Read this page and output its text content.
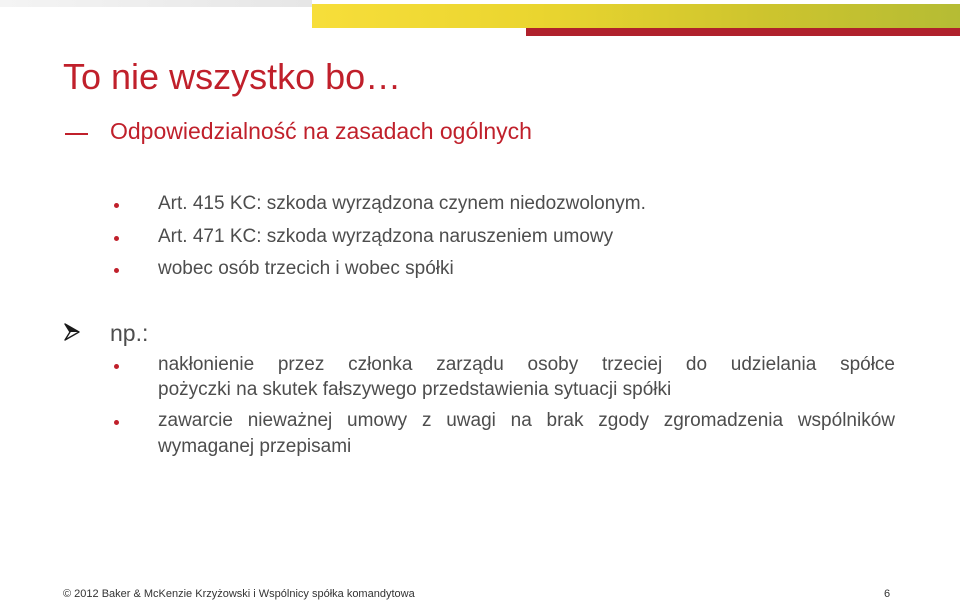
To nie wszystko bo…
Odpowiedzialność na zasadach ogólnych
Art. 415 KC: szkoda wyrządzona czynem niedozwolonym.
Art. 471 KC: szkoda wyrządzona naruszeniem umowy
wobec osób trzecich i wobec spółki
np.:
nakłonienie przez członka zarządu osoby trzeciej do udzielania spółce
pożyczki na skutek fałszywego przedstawienia sytuacji spółki
zawarcie nieważnej umowy z uwagi na brak zgody zgromadzenia wspólników
wymaganej przepisami
© 2012 Baker & McKenzie Krzyżowski i Wspólnicy spółka komandytowa	6
